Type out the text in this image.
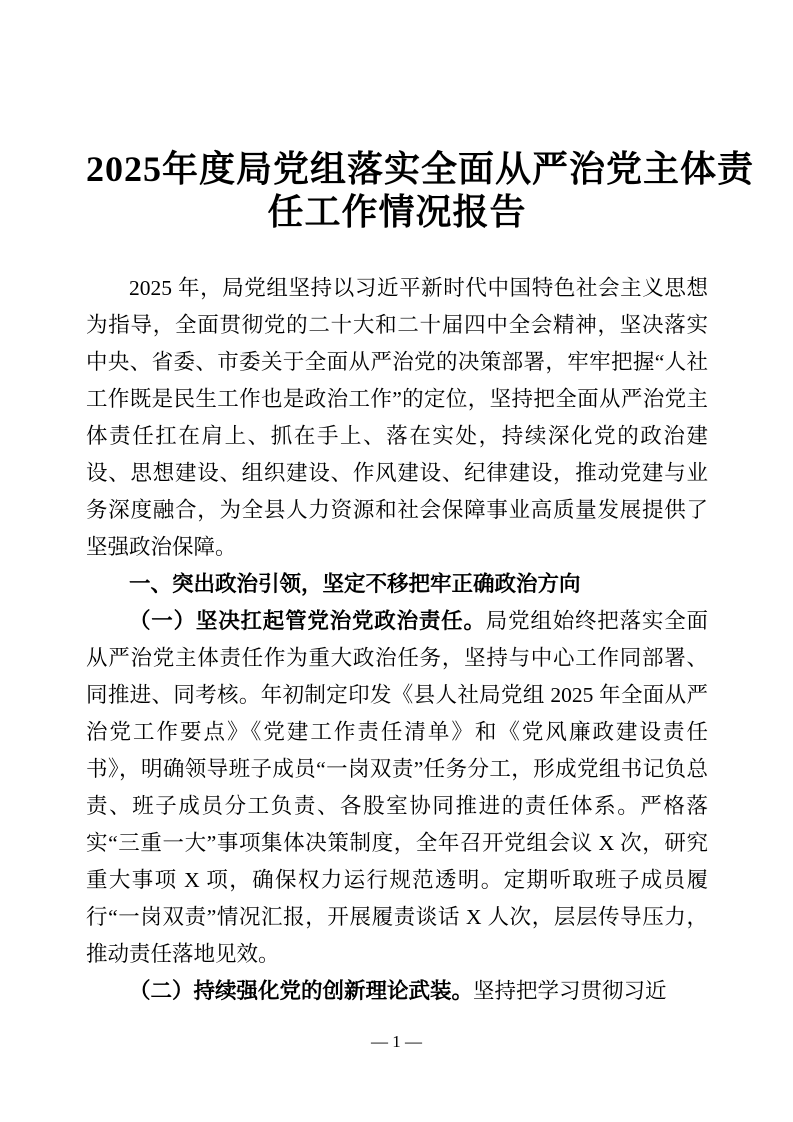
2025年度局党组落实全面从严治党主体责
任工作情况报告

2025 年，局党组坚持以习近平新时代中国特色社会主义思想为指导，全面贯彻党的二十大和二十届四中全会精神，坚决落实中央、省委、市委关于全面从严治党的决策部署，牢牢把握“人社工作既是民生工作也是政治工作”的定位，坚持把全面从严治党主体责任扛在肩上、抓在手上、落在实处，持续深化党的政治建设、思想建设、组织建设、作风建设、纪律建设，推动党建与业务深度融合，为全县人力资源和社会保障事业高质量发展提供了坚强政治保障。

一、突出政治引领，坚定不移把牢正确政治方向

（一）坚决扛起管党治党政治责任。局党组始终把落实全面从严治党主体责任作为重大政治任务，坚持与中心工作同部署、同推进、同考核。年初制定印发《县人社局党组 2025 年全面从严治党工作要点》《党建工作责任清单》和《党风廉政建设责任书》，明确领导班子成员“一岗双责”任务分工，形成党组书记负总责、班子成员分工负责、各股室协同推进的责任体系。严格落实“三重一大”事项集体决策制度，全年召开党组会议 X 次，研究重大事项 X 项，确保权力运行规范透明。定期听取班子成员履行“一岗双责”情况汇报，开展履责谈话 X 人次，层层传导压力，推动责任落地见效。

（二）持续强化党的创新理论武装。坚持把学习贯彻习近

— 1 —
